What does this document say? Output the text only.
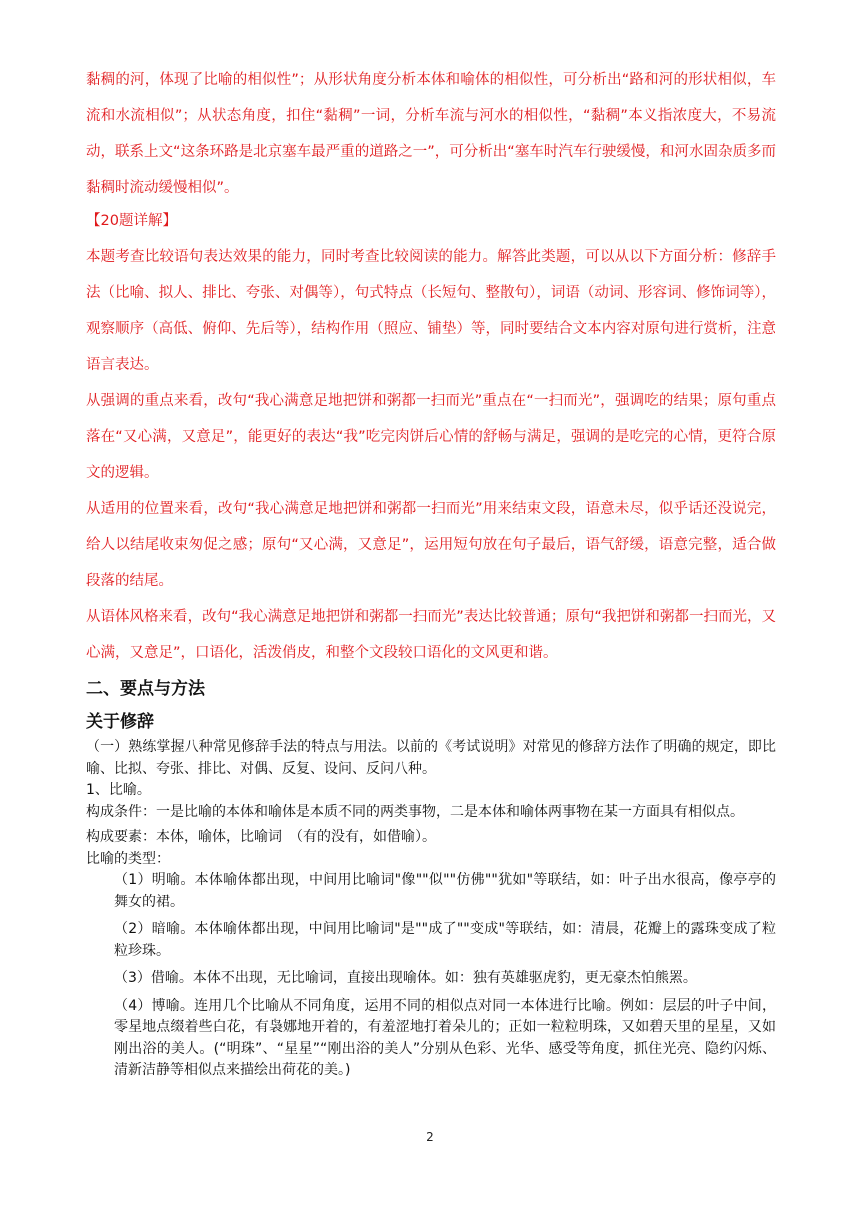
黏稠的河，体现了比喻的相似性”；从形状角度分析本体和喻体的相似性，可分析出“路和河的形状相似，车流和水流相似”；从状态角度，扣住“黏稠”一词，分析车流与河水的相似性，“黏稠”本义指浓度大，不易流动，联系上文“这条环路是北京塞车最严重的道路之一”，可分析出“塞车时汽车行驶缓慢，和河水固杂质多而黏稠时流动缓慢相似”。

【20题详解】

本题考查比较语句表达效果的能力，同时考查比较阅读的能力。解答此类题，可以从以下方面分析：修辞手法（比喻、拟人、排比、夸张、对偶等），句式特点（长短句、整散句），词语（动词、形容词、修饰词等），观察顺序（高低、俯仰、先后等），结构作用（照应、铺垫）等，同时要结合文本内容对原句进行赏析，注意语言表达。

从强调的重点来看，改句“我心满意足地把饼和粥都一扫而光”重点在“一扫而光”，强调吃的结果；原句重点落在“又心满，又意足”，能更好的表达“我”吃完肉饼后心情的舒畅与满足，强调的是吃完的心情，更符合原文的逻辑。

从适用的位置来看，改句“我心满意足地把饼和粥都一扫而光”用来结束文段，语意未尽，似乎话还没说完，给人以结尾收束匆促之感；原句“又心满，又意足”，运用短句放在句子最后，语气舒缓，语意完整，适合做段落的结尾。

从语体风格来看，改句“我心满意足地把饼和粥都一扫而光”表达比较普通；原句“我把饼和粥都一扫而光，又心满，又意足”，口语化，活泼俏皮，和整个文段较口语化的文风更和谐。

二、要点与方法
关于修辞

（一）熟练掌握八种常见修辞手法的特点与用法。以前的《考试说明》对常见的修辞方法作了明确的规定，即比喻、比拟、夸张、排比、对偶、反复、设问、反问八种。

1、比喻。

构成条件：一是比喻的本体和喻体是本质不同的两类事物，二是本体和喻体两事物在某一方面具有相似点。

构成要素：本体，喻体，比喻词　（有的没有，如借喻）。

比喻的类型：

（1）明喻。本体喻体都出现，中间用比喻词"像""似""仿佛""犹如"等联结，如：叶子出水很高，像亭亭的舞女的裙。

（2）暗喻。本体喻体都出现，中间用比喻词"是""成了""变成"等联结，如：清晨，花瓣上的露珠变成了粒粒珍珠。

（3）借喻。本体不出现，无比喻词，直接出现喻体。如：独有英雄驱虎豹，更无豪杰怕熊罴。

（4）博喻。连用几个比喻从不同角度，运用不同的相似点对同一本体进行比喻。例如：层层的叶子中间，零星地点缀着些白花，有袅娜地开着的，有羞涩地打着朵儿的；正如一粒粒明珠，又如碧天里的星星，又如刚出浴的美人。(“明珠”、“星星”“刚出浴的美人”分别从色彩、光华、感受等角度，抓住光亮、隐约闪烁、清新洁静等相似点来描绘出荷花的美。)

2
